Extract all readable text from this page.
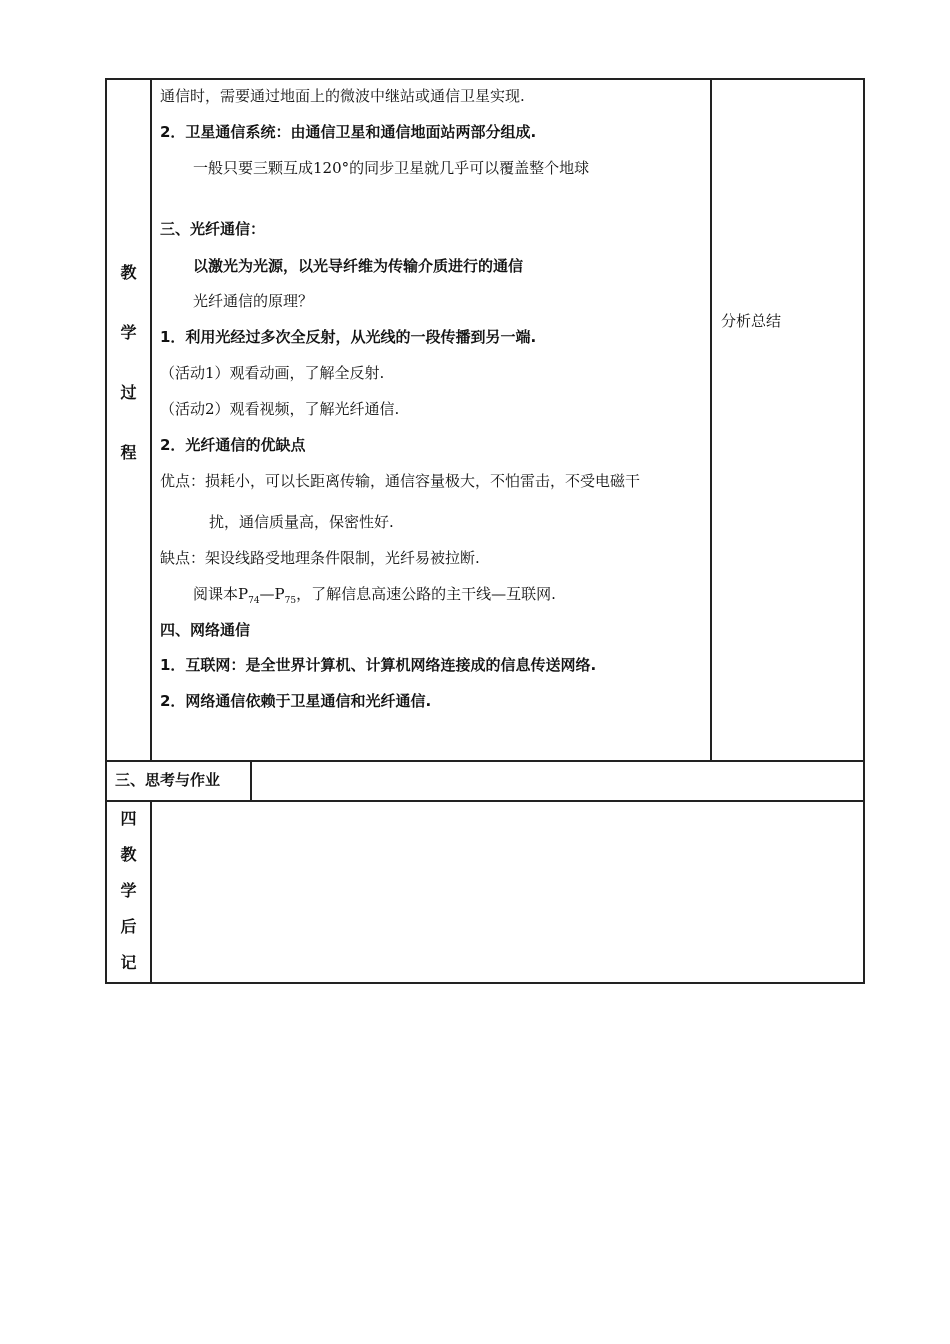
教
学
过
程
通信时，需要通过地面上的微波中继站或通信卫星实现.
2．卫星通信系统：由通信卫星和通信地面站两部分组成.
一般只要三颗互成120°的同步卫星就几乎可以覆盖整个地球
三、光纤通信：
以激光为光源，以光导纤维为传输介质进行的通信
光纤通信的原理？
1．利用光经过多次全反射，从光线的一段传播到另一端.
（活动1）观看动画，了解全反射.
（活动2）观看视频，了解光纤通信.
2．光纤通信的优缺点
优点：损耗小，可以长距离传输，通信容量极大，不怕雷击，不受电磁干
扰，通信质量高，保密性好.
缺点：架设线路受地理条件限制，光纤易被拉断.
阅课本$P_{74}—P_{75}$，了解信息高速公路的主干线—互联网.
四、网络通信
1．互联网：是全世界计算机、计算机网络连接成的信息传送网络.
2．网络通信依赖于卫星通信和光纤通信.
分析总结
三、思考与作业
四
教
学
后
记
